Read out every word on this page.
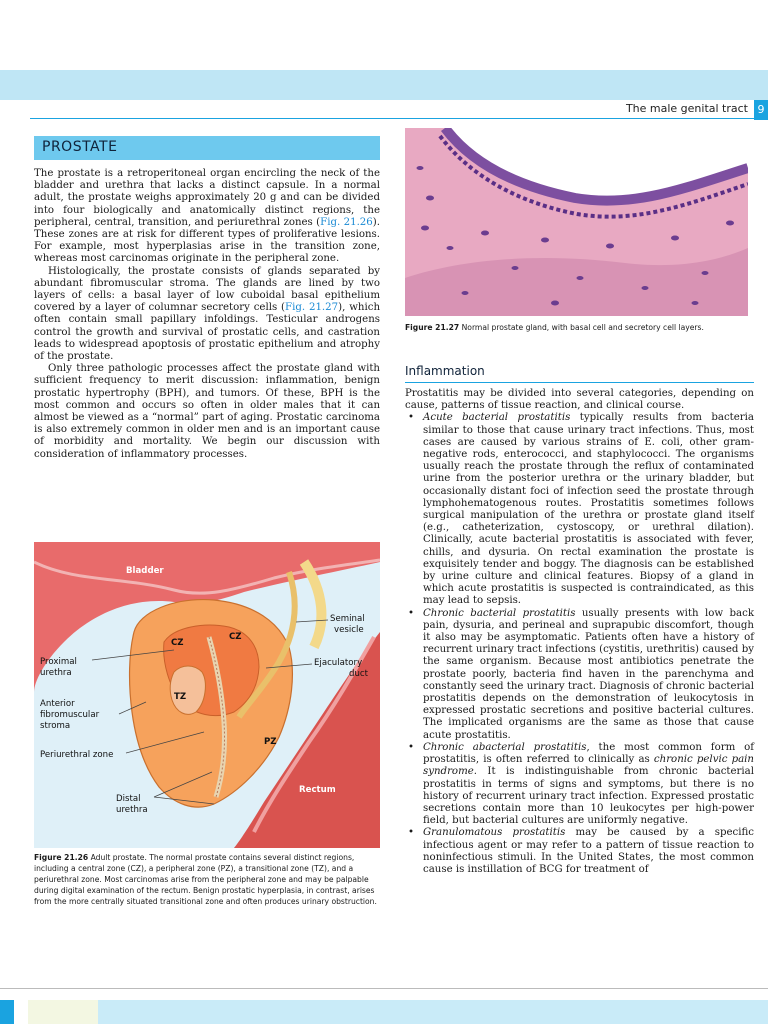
The male genital tract 9
PROSTATE

The prostate is a retroperitoneal organ encircling the neck of the bladder and urethra that lacks a distinct capsule. In a normal adult, the prostate weighs approximately 20 g and can be divided into four biologically and anatomically distinct regions, the peripheral, central, transition, and periurethral zones (Fig. 21.26). These zones are at risk for different types of proliferative lesions. For example, most hyperplasias arise in the transition zone, whereas most carcinomas originate in the peripheral zone.

Histologically, the prostate consists of glands separated by abundant fibromuscular stroma. The glands are lined by two layers of cells: a basal layer of low cuboidal basal epithelium covered by a layer of columnar secretory cells (Fig. 21.27), which often contain small papillary infoldings. Testicular androgens control the growth and survival of prostatic cells, and castration leads to widespread apoptosis of prostatic epithelium and atrophy of the prostate.

Only three pathologic processes affect the prostate gland with sufficient frequency to merit discussion: inflammation, benign prostatic hypertrophy (BPH), and tumors. Of these, BPH is the most common and occurs so often in older males that it can almost be viewed as a “normal” part of aging. Prostatic carcinoma is also extremely common in older men and is an important cause of morbidity and mortality. We begin our discussion with consideration of inflammatory processes.

Bladder
Rectum
CZ
CZ
TZ
PZ
Seminal
vesicle
Ejaculatory
duct
Proximal
urethra
Anterior
fibromuscular
stroma
Periurethral zone
Distal
urethra
Figure 21.26 Adult prostate. The normal prostate contains several distinct regions, including a central zone (CZ), a peripheral zone (PZ), a transitional zone (TZ), and a periurethral zone. Most carcinomas arise from the peripheral zone and may be palpable during digital examination of the rectum. Benign prostatic hyperplasia, in contrast, arises from the more centrally situated transitional zone and often produces urinary obstruction.
Figure 21.27 Normal prostate gland, with basal cell and secretory cell layers.
Inflammation

Prostatitis may be divided into several categories, depending on cause, patterns of tissue reaction, and clinical course.

• Acute bacterial prostatitis typically results from bacteria similar to those that cause urinary tract infections. Thus, most cases are caused by various strains of E. coli, other gram-negative rods, enterococci, and staphylococci. The organisms usually reach the prostate through the reflux of contaminated urine from the posterior urethra or the urinary bladder, but occasionally distant foci of infection seed the prostate through lymphohematogenous routes. Prostatitis sometimes follows surgical manipulation of the urethra or prostate gland itself (e.g., catheterization, cystoscopy, or urethral dilation). Clinically, acute bacterial prostatitis is associated with fever, chills, and dysuria. On rectal examination the prostate is exquisitely tender and boggy. The diagnosis can be established by urine culture and clinical features. Biopsy of a gland in which acute prostatitis is suspected is contraindicated, as this may lead to sepsis.
• Chronic bacterial prostatitis usually presents with low back pain, dysuria, and perineal and suprapubic discomfort, though it also may be asymptomatic. Patients often have a history of recurrent urinary tract infections (cystitis, urethritis) caused by the same organism. Because most antibiotics penetrate the prostate poorly, bacteria find haven in the parenchyma and constantly seed the urinary tract. Diagnosis of chronic bacterial prostatitis depends on the demonstration of leukocytosis in expressed prostatic secretions and positive bacterial cultures. The implicated organisms are the same as those that cause acute prostatitis.
• Chronic abacterial prostatitis, the most common form of prostatitis, is often referred to clinically as chronic pelvic pain syndrome. It is indistinguishable from chronic bacterial prostatitis in terms of signs and symptoms, but there is no history of recurrent urinary tract infection. Expressed prostatic secretions contain more than 10 leukocytes per high-power field, but bacterial cultures are uniformly negative.
• Granulomatous prostatitis may be caused by a specific infectious agent or may refer to a pattern of tissue reaction to noninfectious stimuli. In the United States, the most common cause is instillation of BCG for treatment of
